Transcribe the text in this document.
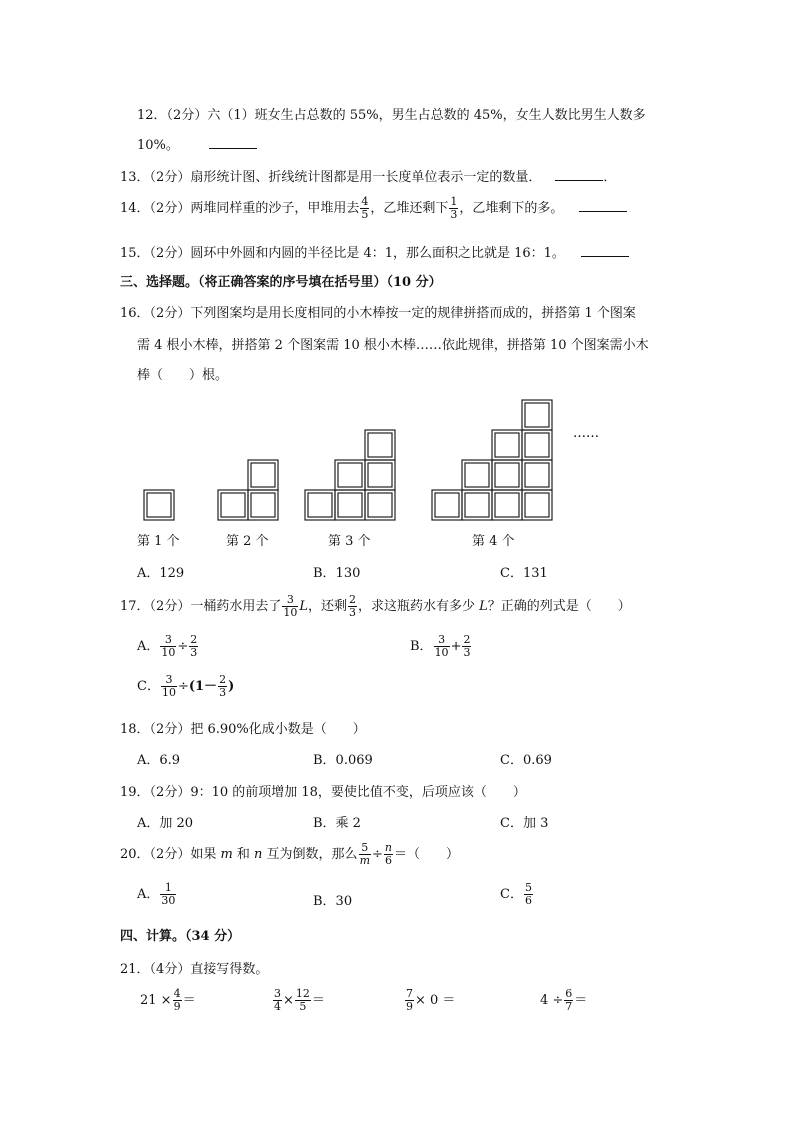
12．（2分）六（1）班女生占总数的 55%，男生占总数的 45%，女生人数比男生人数多
10%。
13．（2分）扇形统计图、折线统计图都是用一长度单位表示一定的数量．	．
14．（2分）两堆同样重的沙子，甲堆用去 $\frac{4}{5}$ ，乙堆还剩下 $\frac{1}{3}$ ，乙堆剩下的多。
15．（2分）圆环中外圆和内圆的半径比是 4：1，那么面积之比就是 16：1。
三、选择题。（将正确答案的序号填在括号里）（10 分）
16．（2分）下列图案均是用长度相同的小木棒按一定的规律拼搭而成的，拼搭第 1 个图案
需 4 根小木棒，拼搭第 2 个图案需 10 根小木棒……依此规律，拼搭第 10 个图案需小木
棒（　　）根。
……
第 1 个	第 2 个	第 3 个	第 4 个
A．129	B．130	C．131
17．（2分）一桶药水用去了 $\frac{3}{10}$ L，还剩 $\frac{2}{3}$ ，求这瓶药水有多少 L？正确的列式是（　　）
A． $\frac{3}{10} \div \frac{2}{3}$	B． $\frac{3}{10} + \frac{2}{3}$
C． $\frac{3}{10} \div(1- \frac{2}{3}$ )
18．（2分）把 6.90%化成小数是（　　）
A．6.9	B．0.069	C．0.69
19．（2分）9：10 的前项增加 18，要使比值不变，后项应该（　　）
A．加 20	B．乘 2	C．加 3
20．（2分）如果 m 和 n 互为倒数，那么 $\frac{5}{m} \div \frac{n}{6}$ ＝（　　）
A． $\frac{1}{30}$	B．30	C． $\frac{5}{6}$
四、计算。（34 分）
21．（4分）直接写得数。
$21 \times \frac{4}{9}$ ＝	$\frac{3}{4} \times \frac{12}{5}$ ＝	$\frac{7}{9} \times 0$ ＝	$4 \div \frac{6}{7}$ ＝
